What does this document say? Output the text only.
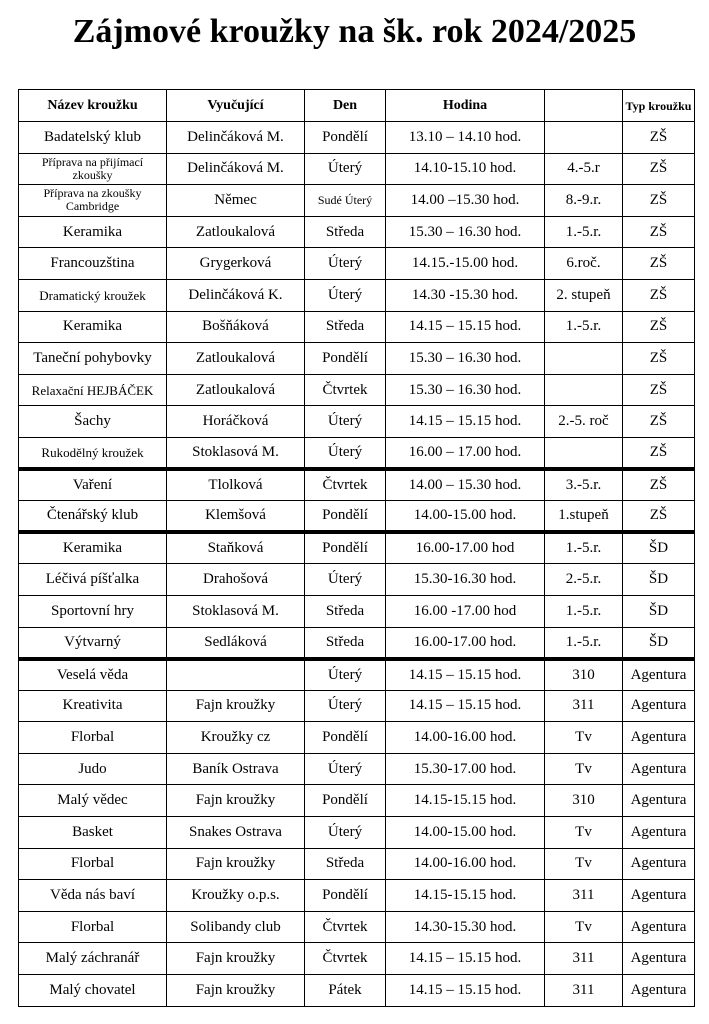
Zájmové kroužky na šk. rok 2024/2025
Název kroužku	Vyučující	Den	Hodina		Typ kroužku
Badatelský klub	Delinčáková M.	Pondělí	13.10 – 14.10 hod.		ZŠ
Příprava na přijímací zkoušky	Delinčáková M.	Úterý	14.10-15.10 hod.	4.-5.r	ZŠ
Příprava na zkoušky Cambridge	Němec	Sudé Úterý	14.00 –15.30 hod.	8.-9.r.	ZŠ
Keramika	Zatloukalová	Středa	15.30 – 16.30 hod.	1.-5.r.	ZŠ
Francouzština	Grygerková	Úterý	14.15.-15.00 hod.	6.roč.	ZŠ
Dramatický kroužek	Delinčáková K.	Úterý	14.30 -15.30 hod.	2. stupeň	ZŠ
Keramika	Bošňáková	Středa	14.15 – 15.15 hod.	1.-5.r.	ZŠ
Taneční pohybovky	Zatloukalová	Pondělí	15.30 – 16.30 hod.		ZŠ
Relaxační HEJBÁČEK	Zatloukalová	Čtvrtek	15.30 – 16.30 hod.		ZŠ
Šachy	Horáčková	Úterý	14.15 – 15.15 hod.	2.-5. roč	ZŠ
Rukodělný kroužek	Stoklasová M.	Úterý	16.00 – 17.00 hod.		ZŠ
Vaření	Tlolková	Čtvrtek	14.00 – 15.30 hod.	3.-5.r.	ZŠ
Čtenářský klub	Klemšová	Pondělí	14.00-15.00 hod.	1.stupeň	ZŠ
Keramika	Staňková	Pondělí	16.00-17.00 hod	1.-5.r.	ŠD
Léčivá píšťalka	Drahošová	Úterý	15.30-16.30 hod.	2.-5.r.	ŠD
Sportovní hry	Stoklasová M.	Středa	16.00 -17.00 hod	1.-5.r.	ŠD
Výtvarný	Sedláková	Středa	16.00-17.00 hod.	1.-5.r.	ŠD
Veselá věda		Úterý	14.15 – 15.15 hod.	310	Agentura
Kreativita	Fajn kroužky	Úterý	14.15 – 15.15 hod.	311	Agentura
Florbal	Kroužky cz	Pondělí	14.00-16.00 hod.	Tv	Agentura
Judo	Baník Ostrava	Úterý	15.30-17.00 hod.	Tv	Agentura
Malý vědec	Fajn kroužky	Pondělí	14.15-15.15 hod.	310	Agentura
Basket	Snakes Ostrava	Úterý	14.00-15.00 hod.	Tv	Agentura
Florbal	Fajn kroužky	Středa	14.00-16.00 hod.	Tv	Agentura
Věda nás baví	Kroužky o.p.s.	Pondělí	14.15-15.15 hod.	311	Agentura
Florbal	Solibandy club	Čtvrtek	14.30-15.30 hod.	Tv	Agentura
Malý záchranář	Fajn kroužky	Čtvrtek	14.15 – 15.15 hod.	311	Agentura
Malý chovatel	Fajn kroužky	Pátek	14.15 – 15.15 hod.	311	Agentura
